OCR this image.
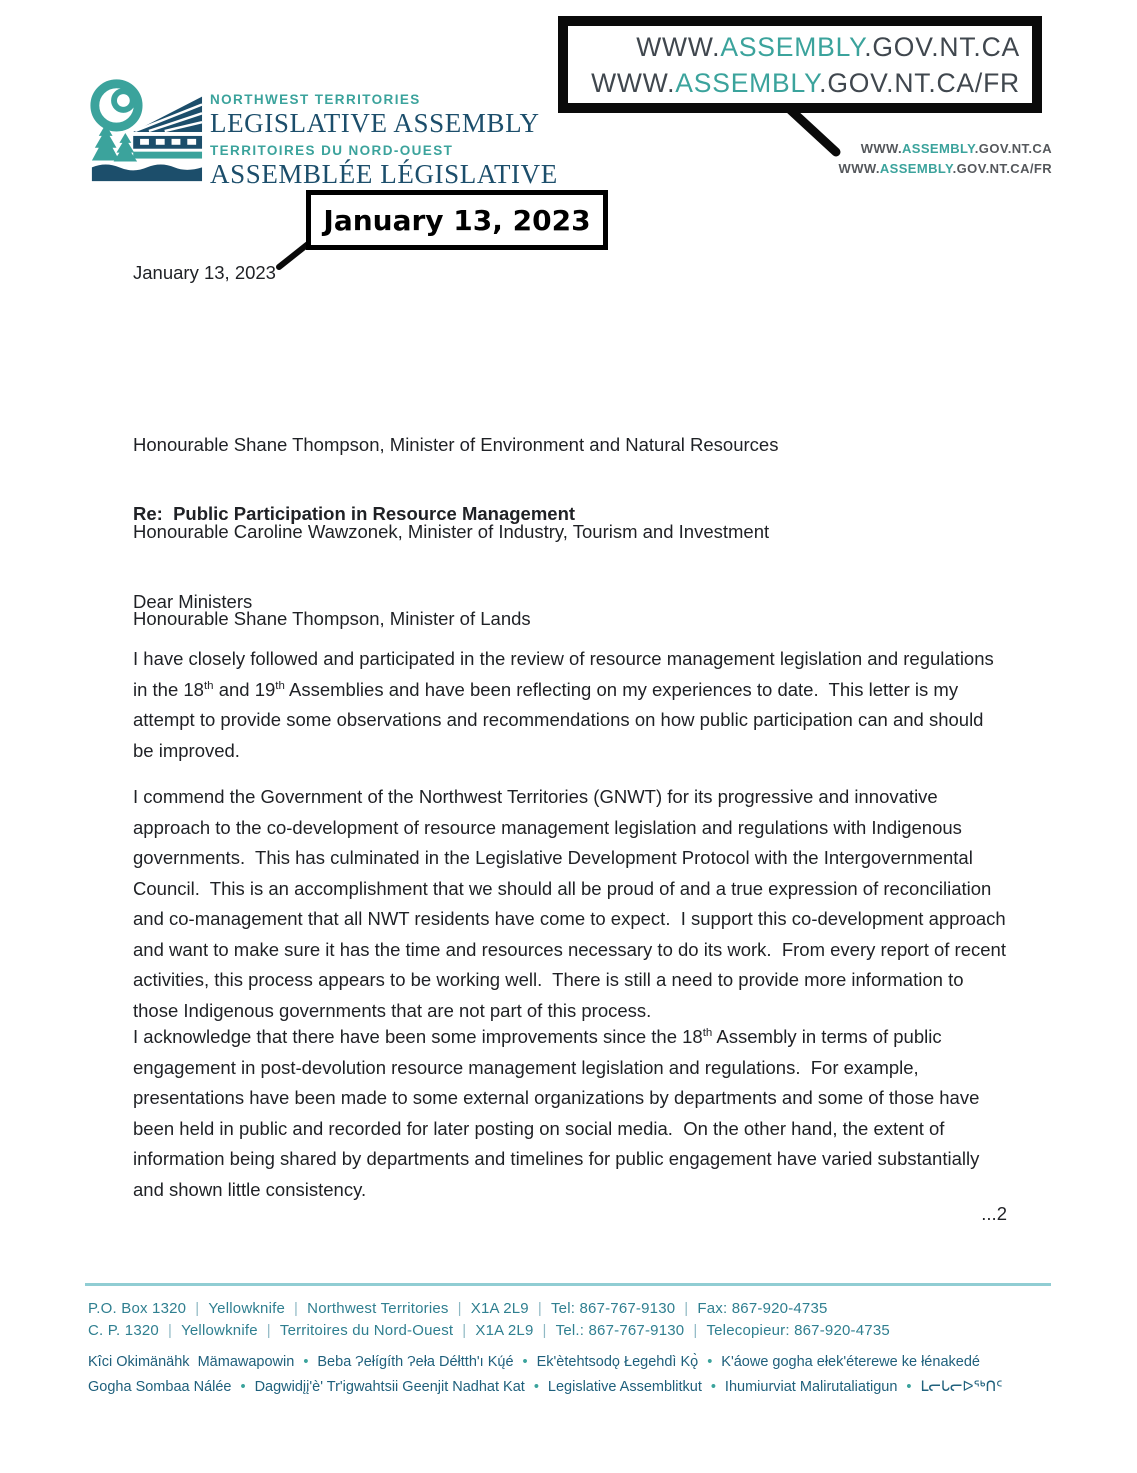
NORTHWEST TERRITORIES
LEGISLATIVE ASSEMBLY
TERRITOIRES DU NORD-OUEST
ASSEMBLÉE LÉGISLATIVE
WWW.ASSEMBLY.GOV.NT.CA
WWW.ASSEMBLY.GOV.NT.CA/FR
WWW.ASSEMBLY.GOV.NT.CA
WWW.ASSEMBLY.GOV.NT.CA/FR
January 13, 2023
January 13, 2023

Honourable Shane Thompson, Minister of Environment and Natural Resources

Honourable Caroline Wawzonek, Minister of Industry, Tourism and Investment

Honourable Shane Thompson, Minister of Lands

Re:  Public Participation in Resource Management
Dear Ministers
I have closely followed and participated in the review of resource management legislation and regulations in the 18th and 19th Assemblies and have been reflecting on my experiences to date.  This letter is my attempt to provide some observations and recommendations on how public participation can and should be improved.
I commend the Government of the Northwest Territories (GNWT) for its progressive and innovative approach to the co-development of resource management legislation and regulations with Indigenous governments.  This has culminated in the Legislative Development Protocol with the Intergovernmental Council.  This is an accomplishment that we should all be proud of and a true expression of reconciliation and co-management that all NWT residents have come to expect.  I support this co-development approach and want to make sure it has the time and resources necessary to do its work.  From every report of recent activities, this process appears to be working well.  There is still a need to provide more information to those Indigenous governments that are not part of this process.
I acknowledge that there have been some improvements since the 18th Assembly in terms of public engagement in post-devolution resource management legislation and regulations.  For example, presentations have been made to some external organizations by departments and some of those have been held in public and recorded for later posting on social media.  On the other hand, the extent of information being shared by departments and timelines for public engagement have varied substantially and shown little consistency.
...2
P.O. Box 1320 | Yellowknife | Northwest Territories | X1A 2L9 | Tel: 867-767-9130 | Fax: 867-920-4735
C. P. 1320 | Yellowknife | Territoires du Nord-Ouest | X1A 2L9 | Tel.: 867-767-9130 | Telecopieur: 867-920-4735
Kîci Okimänähk  Mämawapowin • Beba Ɂełígíth Ɂeła Déłtth'ı Kų́é • Ek'ètehtsodǫ Łegehdì Kǫ̀ • K'áowe gogha ełek'éterewe ke łénakedé
Gogha Sombaa Nálée • Dagwidįį'è' Tr'igwahtsii Geenjit Nadhat Kat • Legislative Assemblitkut • Ihumiurviat Malirutaliatigun • ᒪᓕᒐᓕᐅᖅᑎᑦ
